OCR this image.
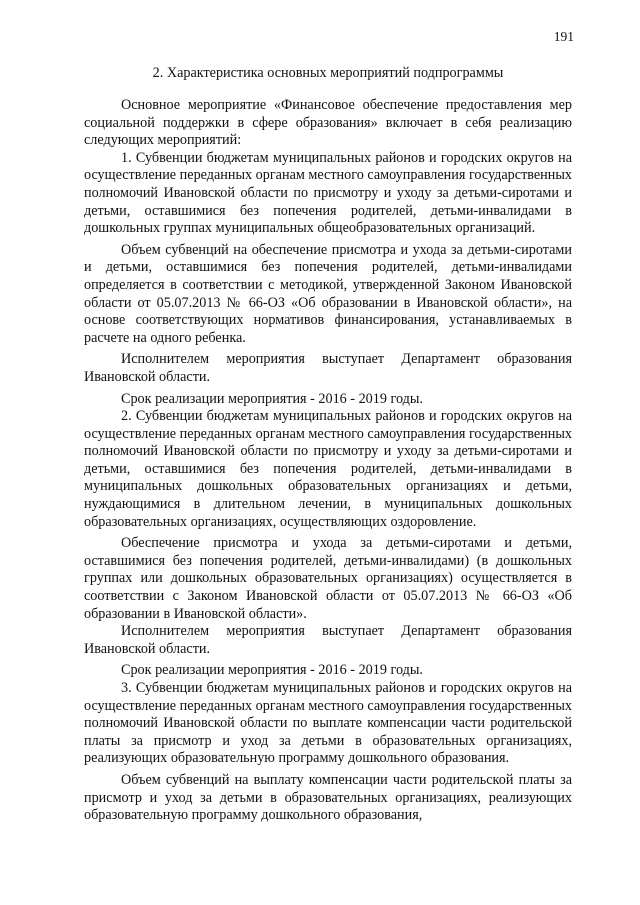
191
2. Характеристика основных мероприятий подпрограммы

Основное мероприятие «Финансовое обеспечение предоставления мер социальной поддержки в сфере образования» включает в себя реализацию следующих мероприятий:

1. Субвенции бюджетам муниципальных районов и городских округов на осуществление переданных органам местного самоуправления государственных полномочий Ивановской области по присмотру и уходу за детьми-сиротами и детьми, оставшимися без попечения родителей, детьми-инвалидами в дошкольных группах муниципальных общеобразовательных организаций.

Объем субвенций на обеспечение присмотра и ухода за детьми-сиротами и детьми, оставшимися без попечения родителей, детьми-инвалидами определяется в соответствии с методикой, утвержденной Законом Ивановской области от 05.07.2013 № 66-ОЗ «Об образовании в Ивановской области», на основе соответствующих нормативов финансирования, устанавливаемых в расчете на одного ребенка.

Исполнителем мероприятия выступает Департамент образования Ивановской области.

Срок реализации мероприятия - 2016 - 2019 годы.

2. Субвенции бюджетам муниципальных районов и городских округов на осуществление переданных органам местного самоуправления государственных полномочий Ивановской области по присмотру и уходу за детьми-сиротами и детьми, оставшимися без попечения родителей, детьми-инвалидами в муниципальных дошкольных образовательных организациях и детьми, нуждающимися в длительном лечении, в муниципальных дошкольных образовательных организациях, осуществляющих оздоровление.

Обеспечение присмотра и ухода за детьми-сиротами и детьми, оставшимися без попечения родителей, детьми-инвалидами) (в дошкольных группах или дошкольных образовательных организациях) осуществляется в соответствии с Законом Ивановской области от 05.07.2013 № 66-ОЗ «Об образовании в Ивановской области».

Исполнителем мероприятия выступает Департамент образования Ивановской области.

Срок реализации мероприятия - 2016 - 2019 годы.

3. Субвенции бюджетам муниципальных районов и городских округов на осуществление переданных органам местного самоуправления государственных полномочий Ивановской области по выплате компенсации части родительской платы за присмотр и уход за детьми в образовательных организациях, реализующих образовательную программу дошкольного образования.

Объем субвенций на выплату компенсации части родительской платы за присмотр и уход за детьми в образовательных организациях, реализующих образовательную программу дошкольного образования,
